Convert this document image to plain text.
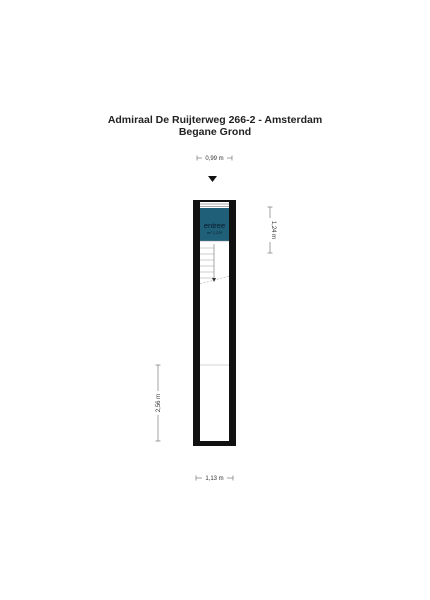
Admiraal De Ruijterweg 266-2 - Amsterdam
Begane Grond
0,99 m
entree
m² 1,23²	1,24 m
2,56 m
1,13 m
